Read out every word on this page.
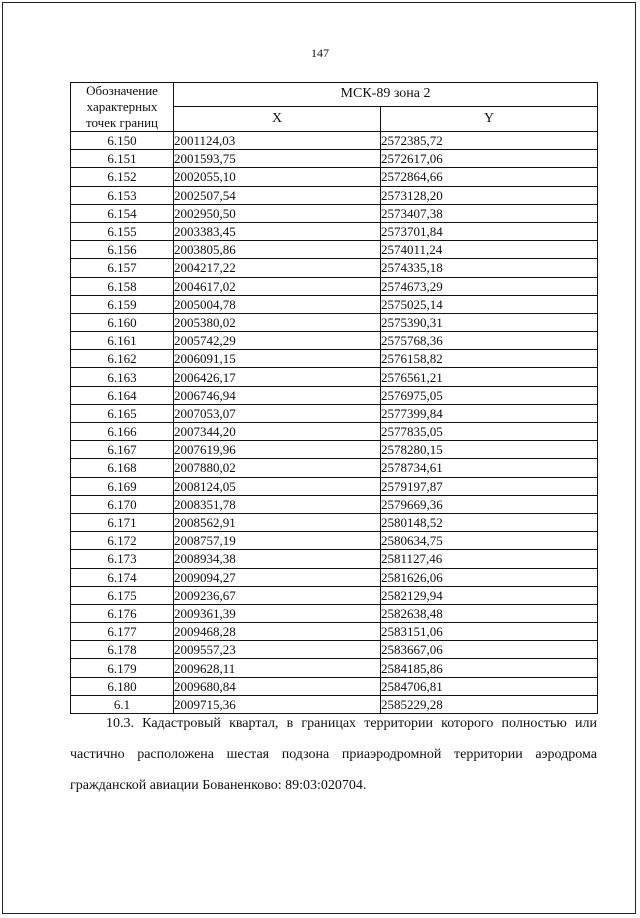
147
Обозначение характерных точек границ	МСК-89 зона 2	
	X	Y
6.150	2001124,03	2572385,72
6.151	2001593,75	2572617,06
6.152	2002055,10	2572864,66
6.153	2002507,54	2573128,20
6.154	2002950,50	2573407,38
6.155	2003383,45	2573701,84
6.156	2003805,86	2574011,24
6.157	2004217,22	2574335,18
6.158	2004617,02	2574673,29
6.159	2005004,78	2575025,14
6.160	2005380,02	2575390,31
6.161	2005742,29	2575768,36
6.162	2006091,15	2576158,82
6.163	2006426,17	2576561,21
6.164	2006746,94	2576975,05
6.165	2007053,07	2577399,84
6.166	2007344,20	2577835,05
6.167	2007619,96	2578280,15
6.168	2007880,02	2578734,61
6.169	2008124,05	2579197,87
6.170	2008351,78	2579669,36
6.171	2008562,91	2580148,52
6.172	2008757,19	2580634,75
6.173	2008934,38	2581127,46
6.174	2009094,27	2581626,06
6.175	2009236,67	2582129,94
6.176	2009361,39	2582638,48
6.177	2009468,28	2583151,06
6.178	2009557,23	2583667,06
6.179	2009628,11	2584185,86
6.180	2009680,84	2584706,81
6.1	2009715,36	2585229,28
10.3. Кадастровый квартал, в границах территории которого полностью или частично расположена шестая подзона приаэродромной территории аэродрома гражданской авиации Бованенково: 89:03:020704.
